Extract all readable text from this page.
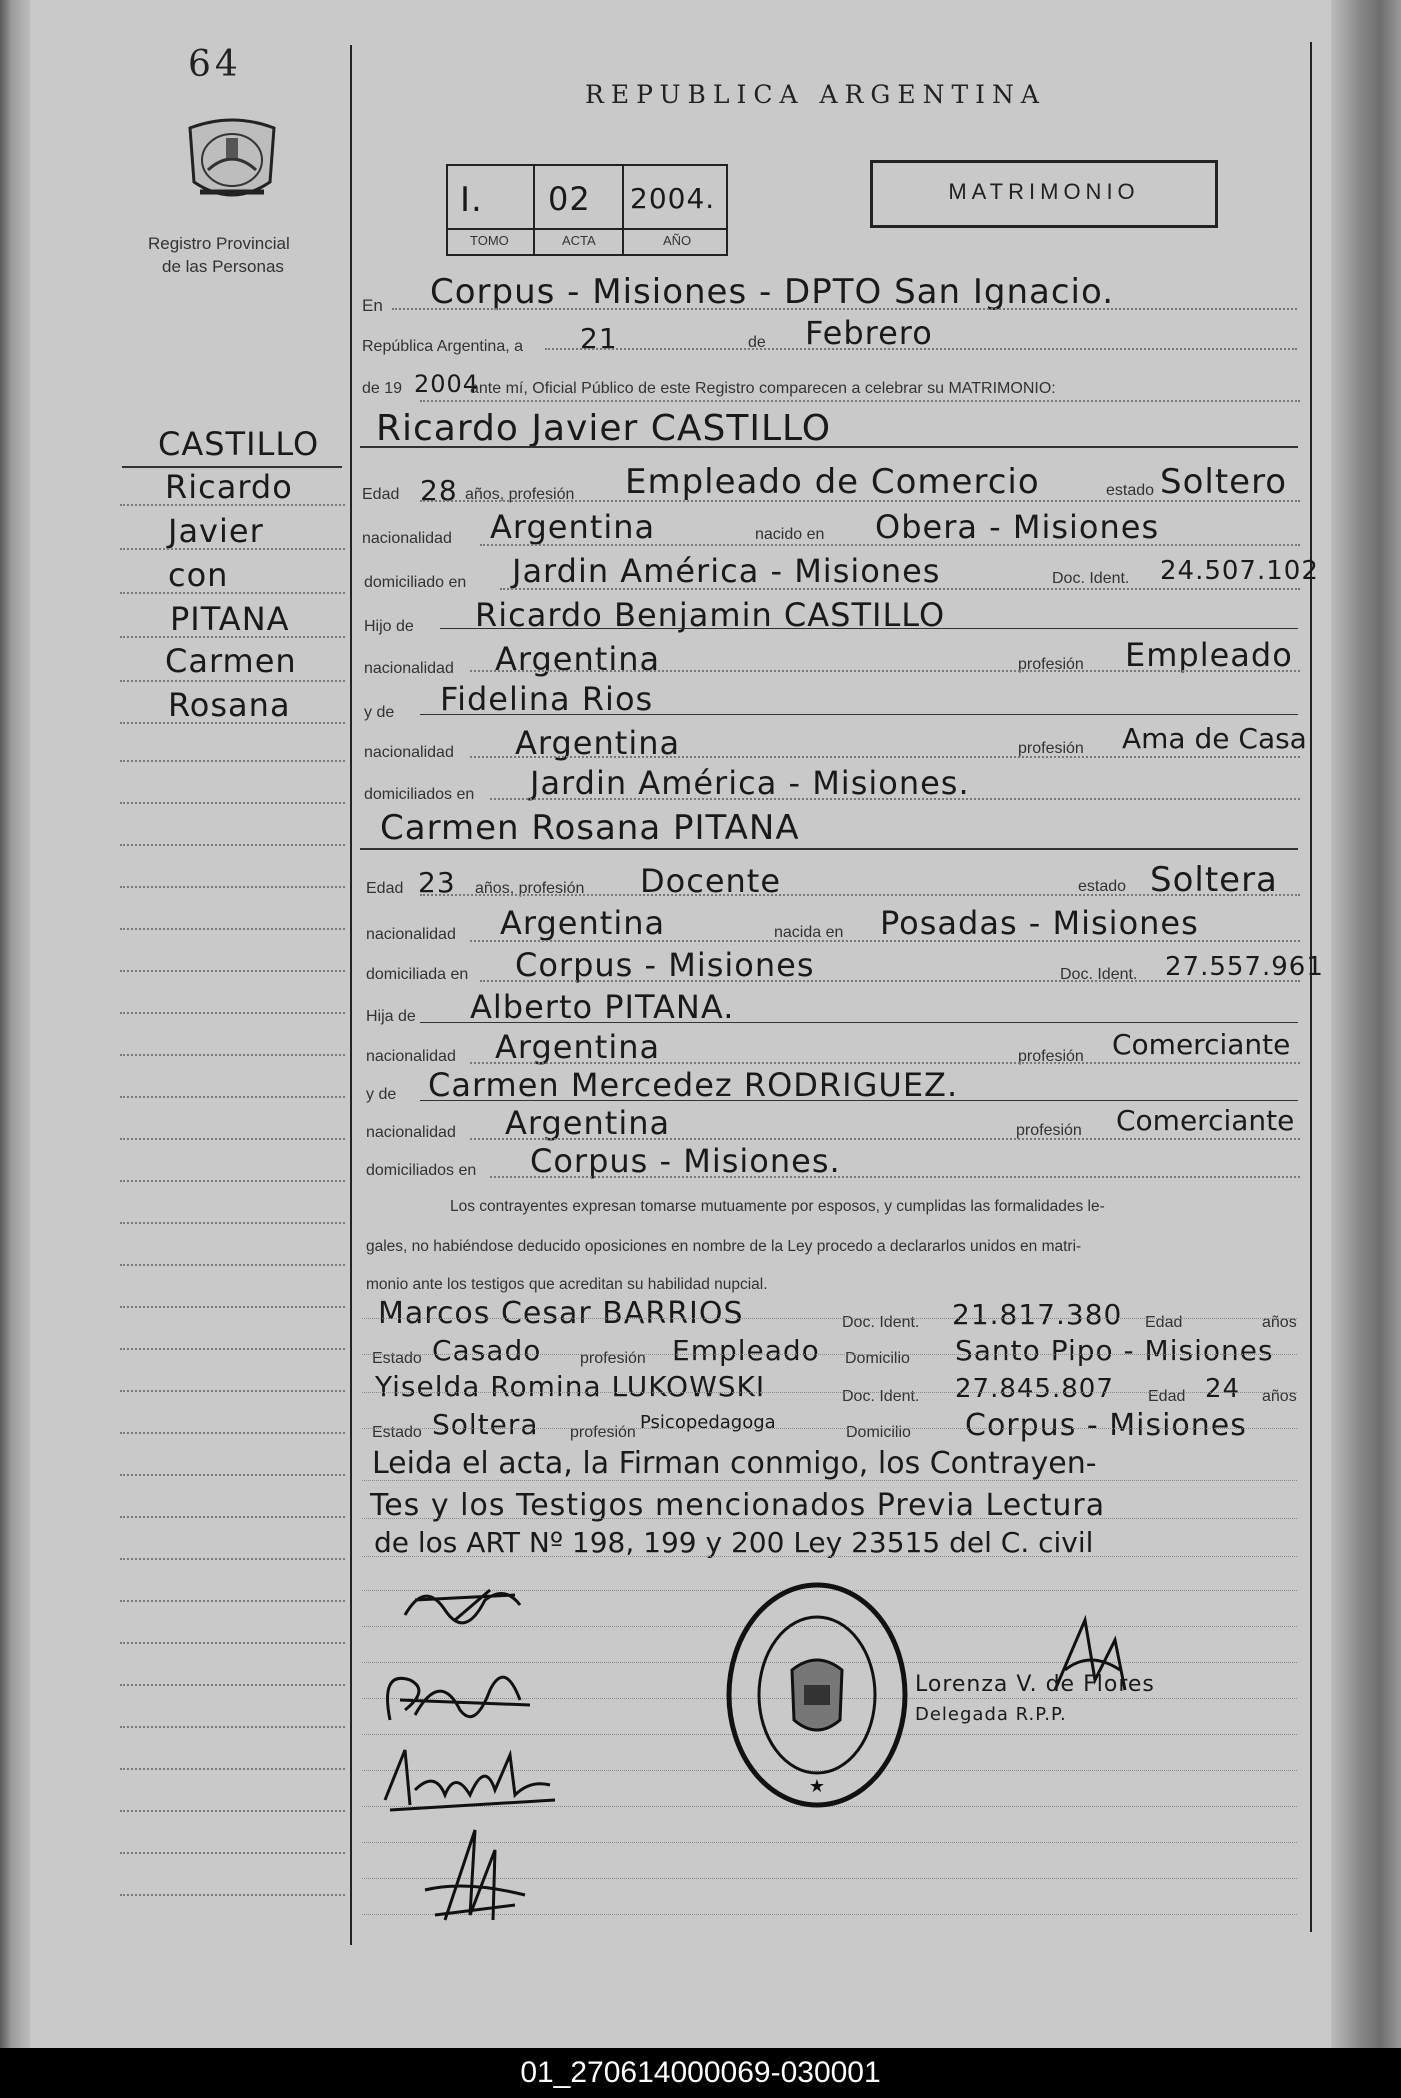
64
Registro Provincial
de las Personas
REPUBLICA ARGENTINA
I. 02 2004.
TOMO	ACTA	AÑO
MATRIMONIO
CASTILLO
Ricardo
Javier
con
PITANA
Carmen
Rosana
En Corpus - Misiones - DPTO San Ignacio.
República Argentina, a 21	de Febrero
de 19 2004
ante mí, Oficial Público de este Registro comparecen a celebrar su MATRIMONIO:
Ricardo Javier CASTILLO
Edad 28 años, profesión Empleado de Comercio	estado Soltero
nacionalidad Argentina	nacido en Obera - Misiones
domiciliado en Jardin América - Misiones	Doc. Ident. 24.507.102
Hijo de Ricardo Benjamin CASTILLO
nacionalidad Argentina	profesión Empleado
y de Fidelina Rios
nacionalidad Argentina	profesión Ama de Casa
domiciliados en Jardin América - Misiones.
Carmen Rosana PITANA
Edad 23 años, profesión Docente	estado Soltera
nacionalidad Argentina	nacida en Posadas - Misiones
domiciliada en Corpus - Misiones	Doc. Ident. 27.557.961
Hija de Alberto PITANA.
nacionalidad Argentina	profesión Comerciante
y de Carmen Mercedez RODRIGUEZ.
nacionalidad Argentina	profesión Comerciante
domiciliados en Corpus - Misiones.
Los contrayentes expresan tomarse mutuamente por esposos, y cumplidas las formalidades le-
gales, no habiéndose deducido oposiciones en nombre de la Ley procedo a declararlos unidos en matri-
monio ante los testigos que acreditan su habilidad nupcial.
Marcos Cesar BARRIOS	Doc. Ident. 21.817.380 Edad	años
Estado Casado profesión Empleado Domicilio Santo Pipo - Misiones
Yiselda Romina LUKOWSKI	Doc. Ident. 27.845.807 Edad 24 años
Estado Soltera profesión Psicopedagoga	Domicilio Corpus - Misiones
Leida el acta, la Firman conmigo, los Contrayen-
Tes y los Testigos mencionados Previa Lectura
de los ART Nº 198, 199 y 200 Ley 23515 del C. civil
★
Lorenza V. de Flores
Delegada R.P.P.
01_270614000069-030001
